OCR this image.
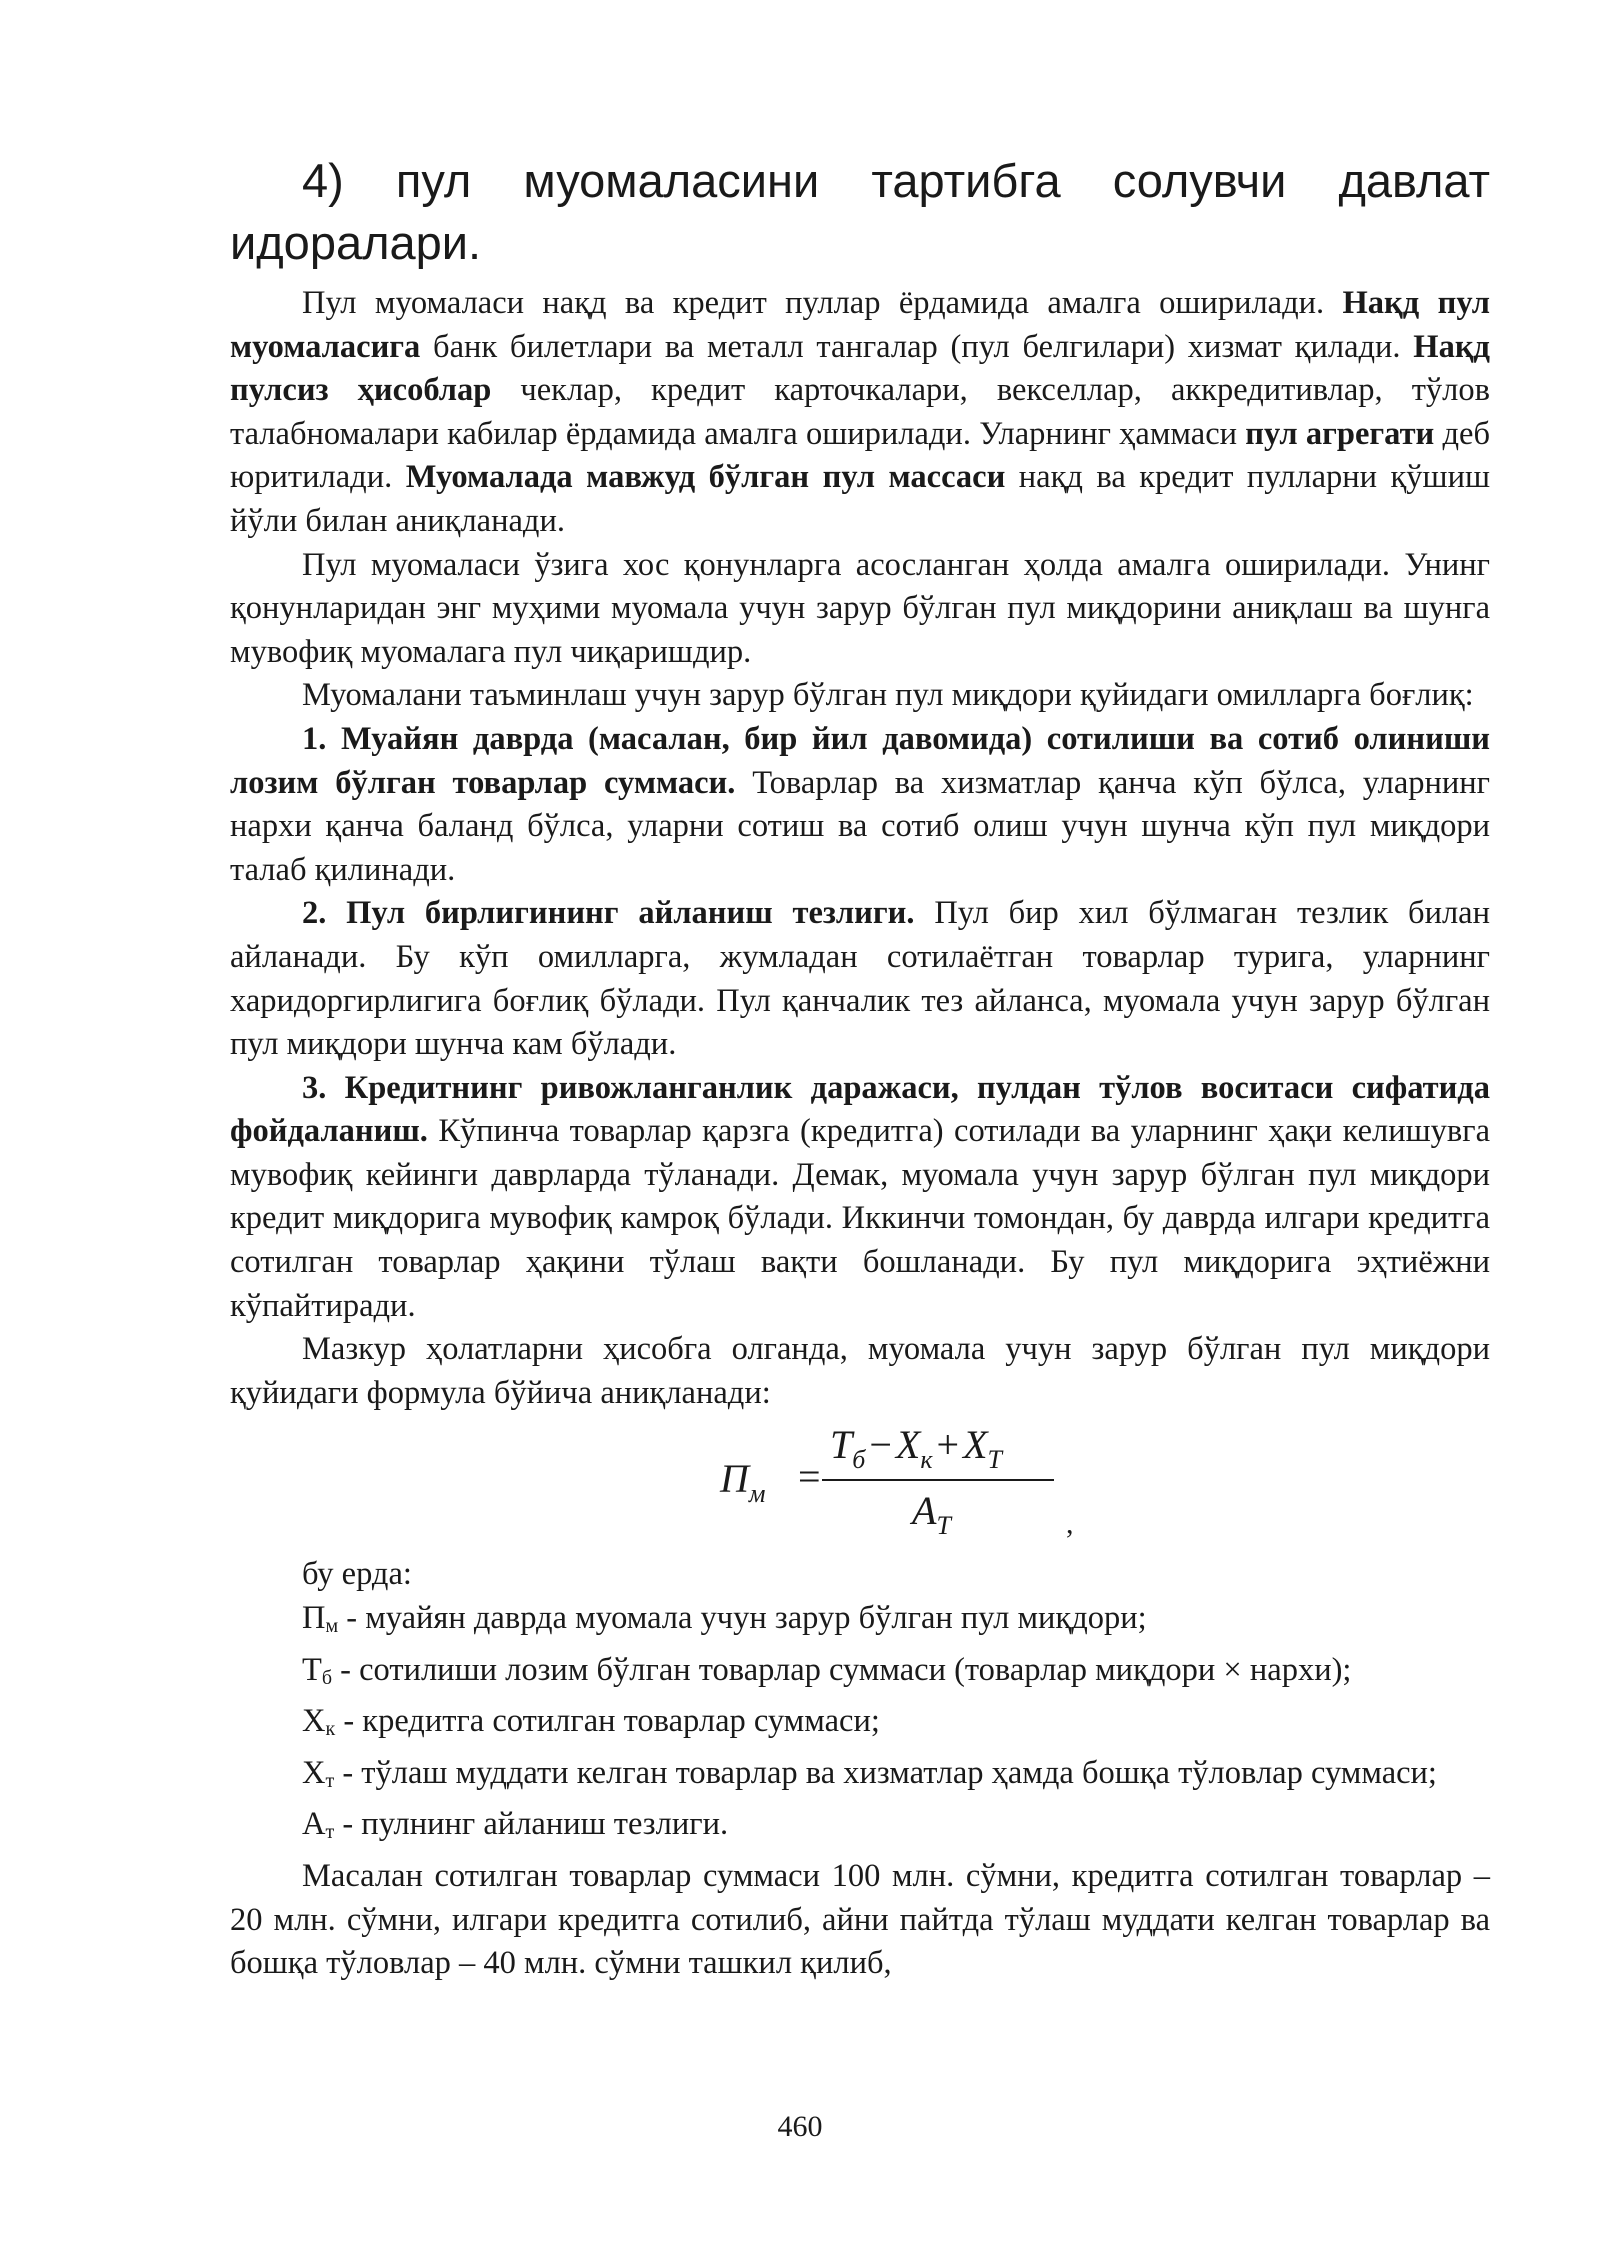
4) пул муомаласини тартибга солувчи давлат идоралари.

Пул муомаласи нақд ва кредит пуллар ёрдамида амалга оширилади. Нақд пул муомаласига банк билетлари ва металл тангалар (пул белгилари) хизмат қилади. Нақд пулсиз ҳисоблар чеклар, кредит карточкалари, векселлар, аккредитивлар, тўлов талабномалари кабилар ёрдамида амалга оширилади. Уларнинг ҳаммаси пул агрегати деб юритилади. Муомалада мавжуд бўлган пул массаси нақд ва кредит пулларни қўшиш йўли билан аниқланади.

Пул муомаласи ўзига хос қонунларга асосланган ҳолда амалга оширилади. Унинг қонунларидан энг муҳими муомала учун зарур бўлган пул миқдорини аниқлаш ва шунга мувофиқ муомалага пул чиқаришдир.

Муомалани таъминлаш учун зарур бўлган пул миқдори қуйидаги омилларга боғлиқ:

1. Муайян даврда (масалан, бир йил давомида) сотилиши ва сотиб олиниши лозим бўлган товарлар суммаси. Товарлар ва хизматлар қанча кўп бўлса, уларнинг нархи қанча баланд бўлса, уларни сотиш ва сотиб олиш учун шунча кўп пул миқдори талаб қилинади.

2. Пул бирлигининг айланиш тезлиги. Пул бир хил бўлмаган тезлик билан айланади. Бу кўп омилларга, жумладан сотилаётган товарлар турига, уларнинг харидоргирлигига боғлиқ бўлади. Пул қанчалик тез айланса, муомала учун зарур бўлган пул миқдори шунча кам бўлади.

3. Кредитнинг ривожланганлик даражаси, пулдан тўлов воситаси сифатида фойдаланиш. Кўпинча товарлар қарзга (кредитга) сотилади ва уларнинг ҳақи келишувга мувофиқ кейинги даврларда тўланади. Демак, муомала учун зарур бўлган пул миқдори кредит миқдорига мувофиқ камроқ бўлади. Иккинчи томондан, бу даврда илгари кредитга сотилган товарлар ҳақини тўлаш вақти бошланади. Бу пул миқдорига эҳтиёжни кўпайтиради.

Мазкур ҳолатларни ҳисобга олганда, муомала учун зарур бўлган пул миқдори қуйидаги формула бўйича аниқланади:

$П_м$ =
$Т_б - Х_к + Х_Т$
$А_Т$	,

бу ерда:

$П_м$ - муайян даврда муомала учун зарур бўлган пул миқдори;

$Т_б$ - сотилиши лозим бўлган товарлар суммаси (товарлар миқдори × нархи);

$Х_к$ - кредитга сотилган товарлар суммаси;

$Х_т$ - тўлаш муддати келган товарлар ва хизматлар ҳамда бошқа тўловлар суммаси;

$А_т$ - пулнинг айланиш тезлиги.

Масалан сотилган товарлар суммаси 100 млн. сўмни, кредитга сотилган товарлар – 20 млн. сўмни, илгари кредитга сотилиб, айни пайтда тўлаш муддати келган товарлар ва бошқа тўловлар – 40 млн. сўмни ташкил қилиб,

460
